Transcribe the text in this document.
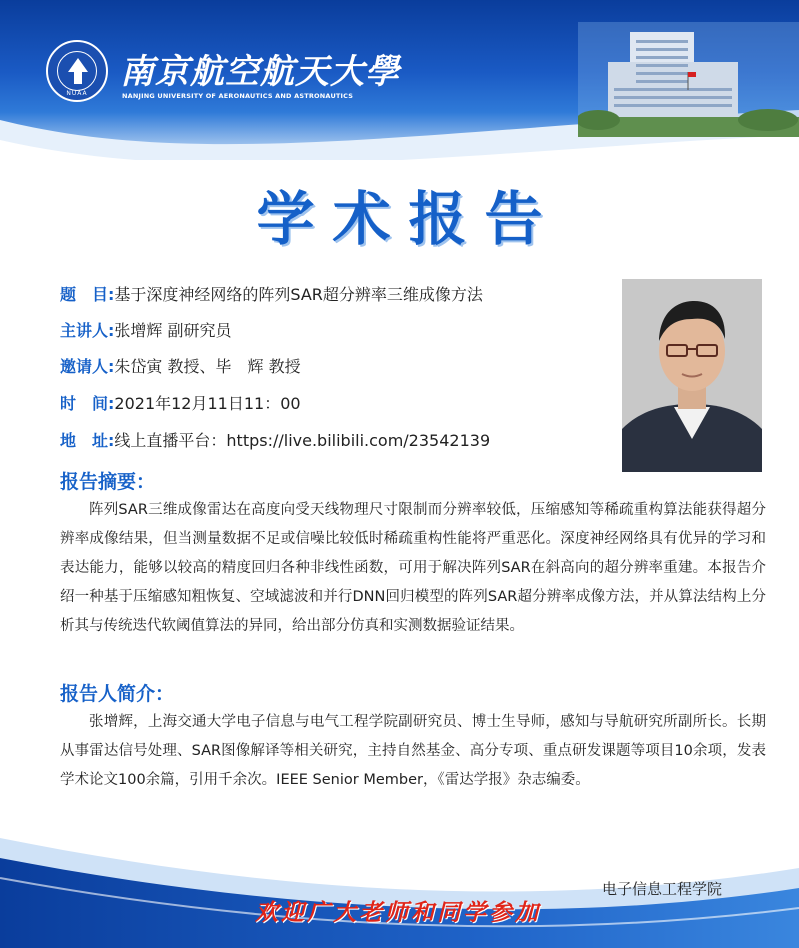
NUAA
南京航空航天大學
NANJING UNIVERSITY OF AERONAUTICS AND ASTRONAUTICS
学术报告
题　目:基于深度神经网络的阵列SAR超分辨率三维成像方法
主讲人:张增辉 副研究员
邀请人:朱岱寅 教授、毕　辉 教授
时　间:2021年12月11日11：00
地　址:线上直播平台：https://live.bilibili.com/23542139
报告摘要：

阵列SAR三维成像雷达在高度向受天线物理尺寸限制而分辨率较低，压缩感知等稀疏重构算法能获得超分辨率成像结果，但当测量数据不足或信噪比较低时稀疏重构性能将严重恶化。深度神经网络具有优异的学习和表达能力，能够以较高的精度回归各种非线性函数，可用于解决阵列SAR在斜高向的超分辨率重建。本报告介绍一种基于压缩感知粗恢复、空域滤波和并行DNN回归模型的阵列SAR超分辨率成像方法，并从算法结构上分析其与传统迭代软阈值算法的异同，给出部分仿真和实测数据验证结果。

报告人简介：

张增辉，上海交通大学电子信息与电气工程学院副研究员、博士生导师，感知与导航研究所副所长。长期从事雷达信号处理、SAR图像解译等相关研究，主持自然基金、高分专项、重点研发课题等项目10余项，发表学术论文100余篇，引用千余次。IEEE Senior Member，《雷达学报》杂志编委。

电子信息工程学院
欢迎广大老师和同学参加
